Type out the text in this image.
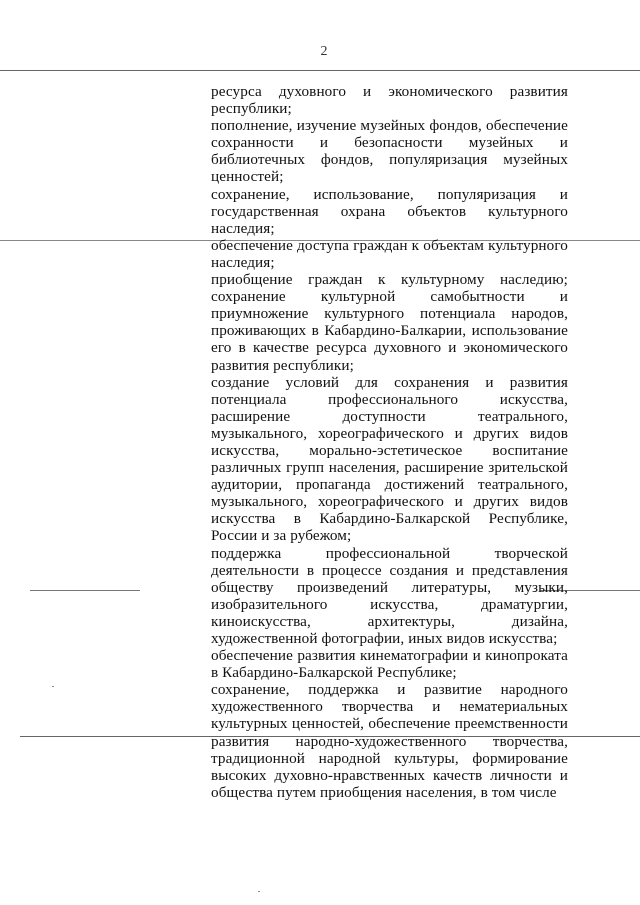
2

ресурса духовного и экономического развития республики;

пополнение, изучение музейных фондов, обеспечение сохранности и безопасности музейных и библиотечных фондов, популяризация музейных ценностей;

сохранение, использование, популяризация и государственная охрана объектов культурного наследия;

обеспечение доступа граждан к объектам культурного наследия;

приобщение граждан к культурному наследию; сохранение культурной самобытности и приумножение культурного потенциала народов, проживающих в Кабардино-Балкарии, использование его в качестве ресурса духовного и экономического развития республики;

создание условий для сохранения и развития потенциала профессионального искусства, расширение доступности театрального, музыкального, хореографического и других видов искусства, морально-эстетическое воспитание различных групп населения, расширение зрительской аудитории, пропаганда достижений театрального, музыкального, хореографического и других видов искусства в Кабардино-Балкарской Республике, России и за рубежом;

поддержка профессиональной творческой деятельности в процессе создания и представления обществу произведений литературы, музыки, изобразительного искусства, драматургии, киноискусства, архитектуры, дизайна, художественной фотографии, иных видов искусства;

обеспечение развития кинематографии и кинопроката в Кабардино-Балкарской Республике;

сохранение, поддержка и развитие народного художественного творчества и нематериальных культурных ценностей, обеспечение преемственности развития народно-художественного творчества, традиционной народной культуры, формирование высоких духовно-нравственных качеств личности и общества путем приобщения населения, в том числе
